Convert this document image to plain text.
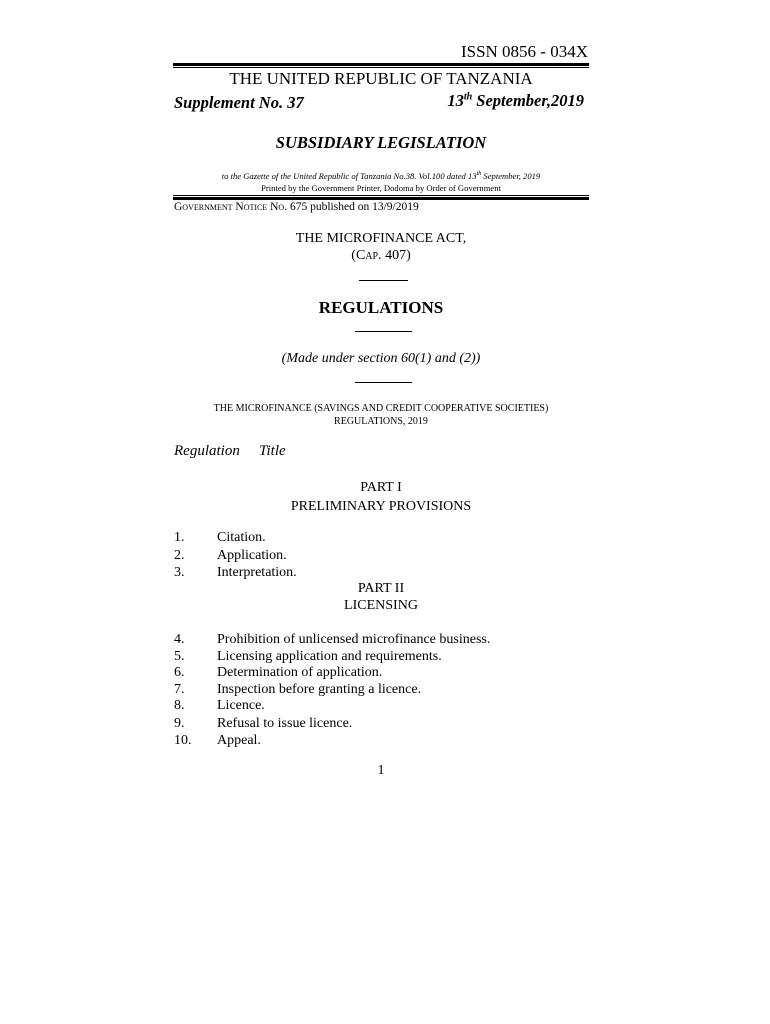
ISSN 0856 - 034X
THE UNITED REPUBLIC OF TANZANIA
Supplement No. 37	13th September,2019
SUBSIDIARY LEGISLATION
to the Gazette of the United Republic of Tanzania No.38. Vol.100 dated 13th September, 2019
Printed by the Government Printer, Dodoma by Order of Government
Government Notice No. 675 published on 13/9/2019
THE MICROFINANCE ACT,
(Cap. 407)
REGULATIONS
(Made under section 60(1) and (2))
THE MICROFINANCE (SAVINGS AND CREDIT COOPERATIVE SOCIETIES)
REGULATIONS, 2019
Regulation Title
PART I
PRELIMINARY PROVISIONS
1. Citation.
2. Application.
3. Interpretation.
PART II
LICENSING
4. Prohibition of unlicensed microfinance business.
5. Licensing application and requirements.
6. Determination of application.
7. Inspection before granting a licence.
8. Licence.
9. Refusal to issue licence.
10. Appeal.
1
